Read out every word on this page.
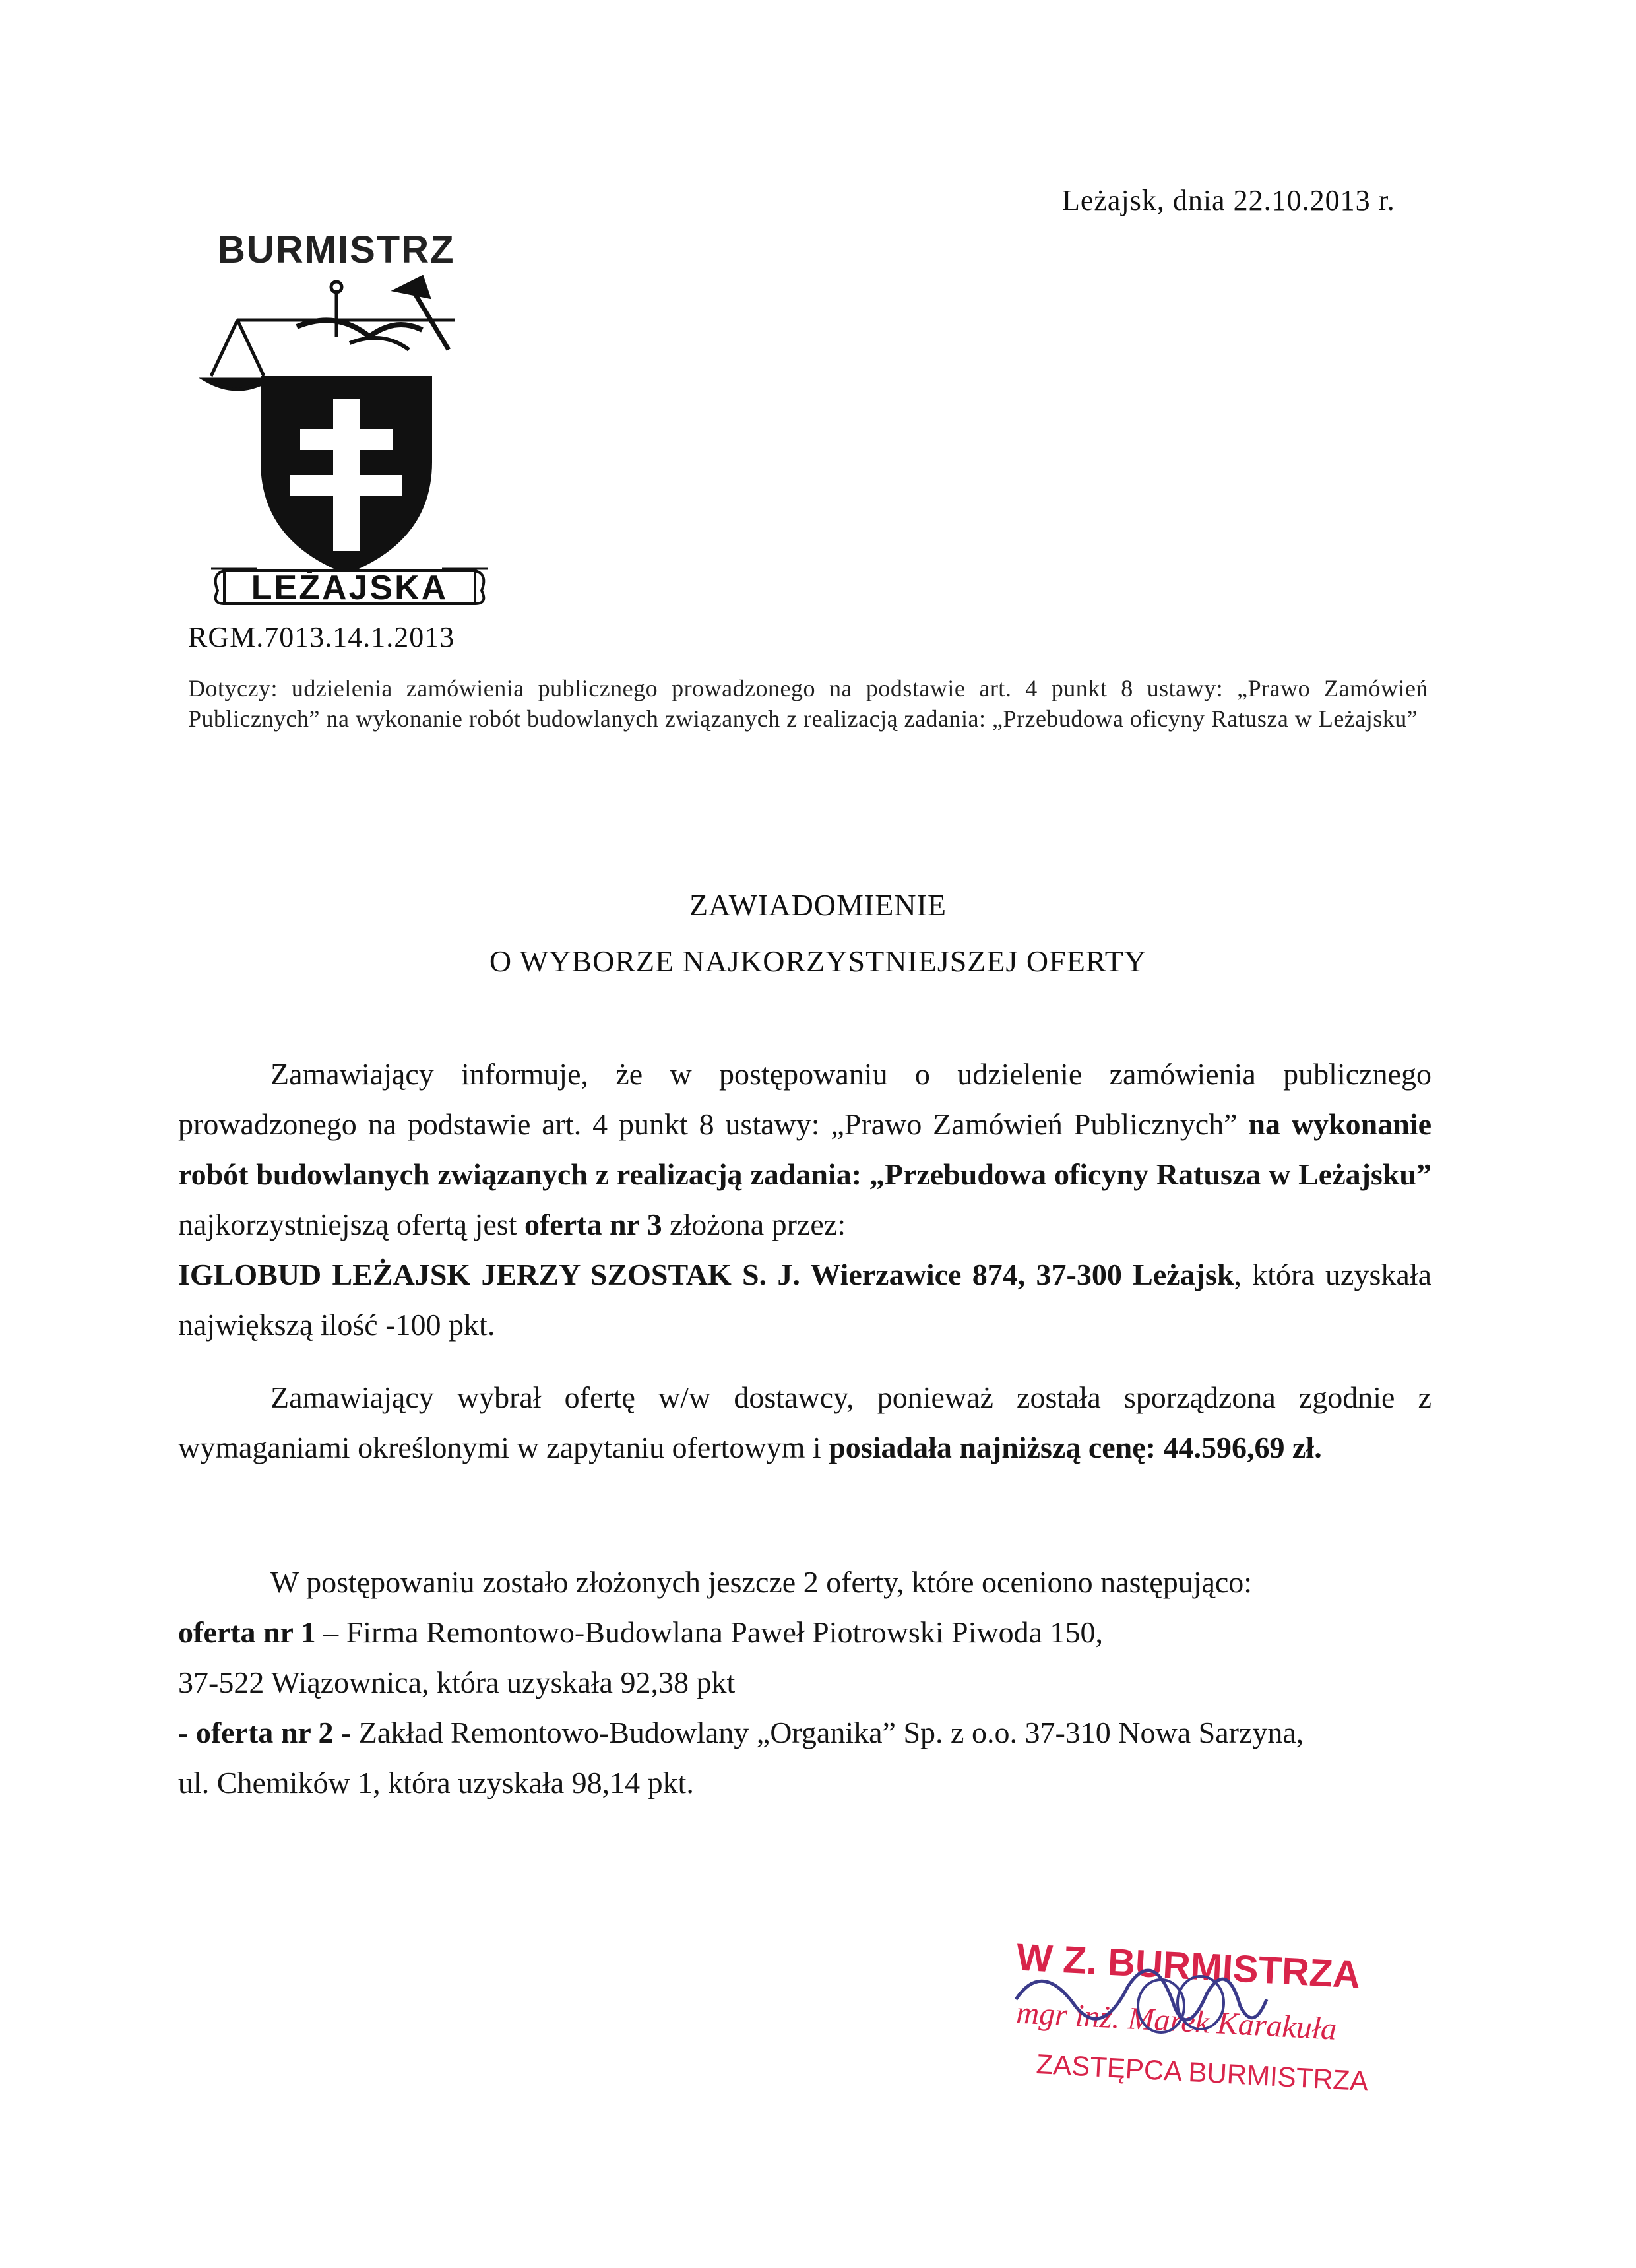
Leżajsk, dnia 22.10.2013 r.
BURMISTRZ
LEŻAJSKA
RGM.7013.14.1.2013
Dotyczy: udzielenia zamówienia publicznego prowadzonego na podstawie art. 4 punkt 8 ustawy: „Prawo Zamówień Publicznych” na wykonanie robót budowlanych związanych z realizacją zadania: „Przebudowa oficyny Ratusza w Leżajsku”
ZAWIADOMIENIE
O WYBORZE NAJKORZYSTNIEJSZEJ OFERTY
Zamawiający informuje, że w postępowaniu o udzielenie zamówienia publicznego prowadzonego na podstawie art. 4 punkt 8 ustawy: „Prawo Zamówień Publicznych” na wykonanie robót budowlanych związanych z realizacją zadania: „Przebudowa oficyny Ratusza w Leżajsku” najkorzystniejszą ofertą jest oferta nr 3 złożona przez:
IGLOBUD LEŻAJSK JERZY SZOSTAK S. J. Wierzawice 874, 37-300 Leżajsk, która uzyskała największą ilość -100 pkt.
Zamawiający wybrał ofertę w/w dostawcy, ponieważ została sporządzona zgodnie z wymaganiami określonymi w zapytaniu ofertowym i posiadała najniższą cenę: 44.596,69 zł.
W postępowaniu zostało złożonych jeszcze 2 oferty, które oceniono następująco:
oferta nr 1 – Firma Remontowo-Budowlana Paweł Piotrowski Piwoda 150,
37-522 Wiązownica, która uzyskała 92,38 pkt
- oferta nr 2 - Zakład Remontowo-Budowlany „Organika” Sp. z o.o. 37-310 Nowa Sarzyna,
ul. Chemików 1, która uzyskała 98,14 pkt.
W Z. BURMISTRZA
mgr inż. Marek Karakuła
ZASTĘPCA BURMISTRZA
